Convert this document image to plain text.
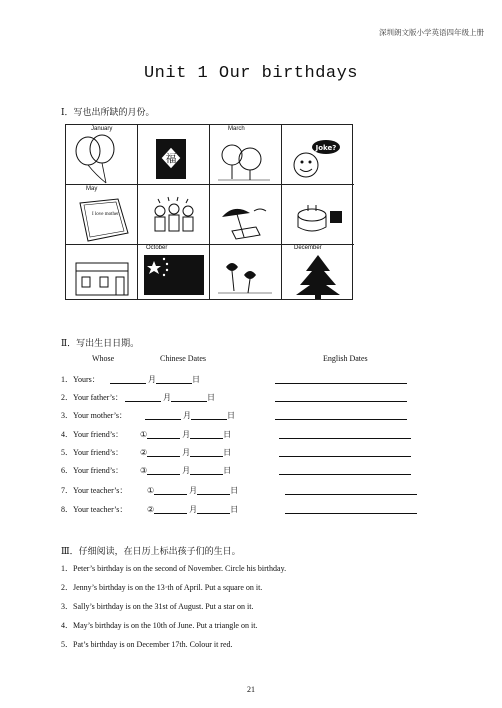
深圳朗文版小学英语四年级上册
Unit 1 Our birthdays
Ⅰ．写也出所缺的月份。
January
福
March
Joke?
May
I love mother
October	December
Ⅱ．写出生日日期。
Whose	Chinese Dates	English Dates
1．Yours：	月	日
2．Your father’s：	月	日
3．Your mother’s：	月	日
4．Your friend’s： ①	月	日
5．Your friend’s： ②	月	日
6．Your friend’s： ③	月	日
7．Your teacher’s： ①	月	日
8．Your teacher’s： ②	月	日
Ⅲ．仔细阅读，在日历上标出孩子们的生日。
1．Peter’s birthday is on the second of November. Circle his birthday.
2．Jenny’s birthday is on the 13·th of April. Put a square on it.
3．Sally’s birthday is on the 31st of August. Put a star on it.
4．May’s birthday is on the 10th of June. Put a triangle on it.
5．Pat’s birthday is on December 17th. Colour it red.
21
